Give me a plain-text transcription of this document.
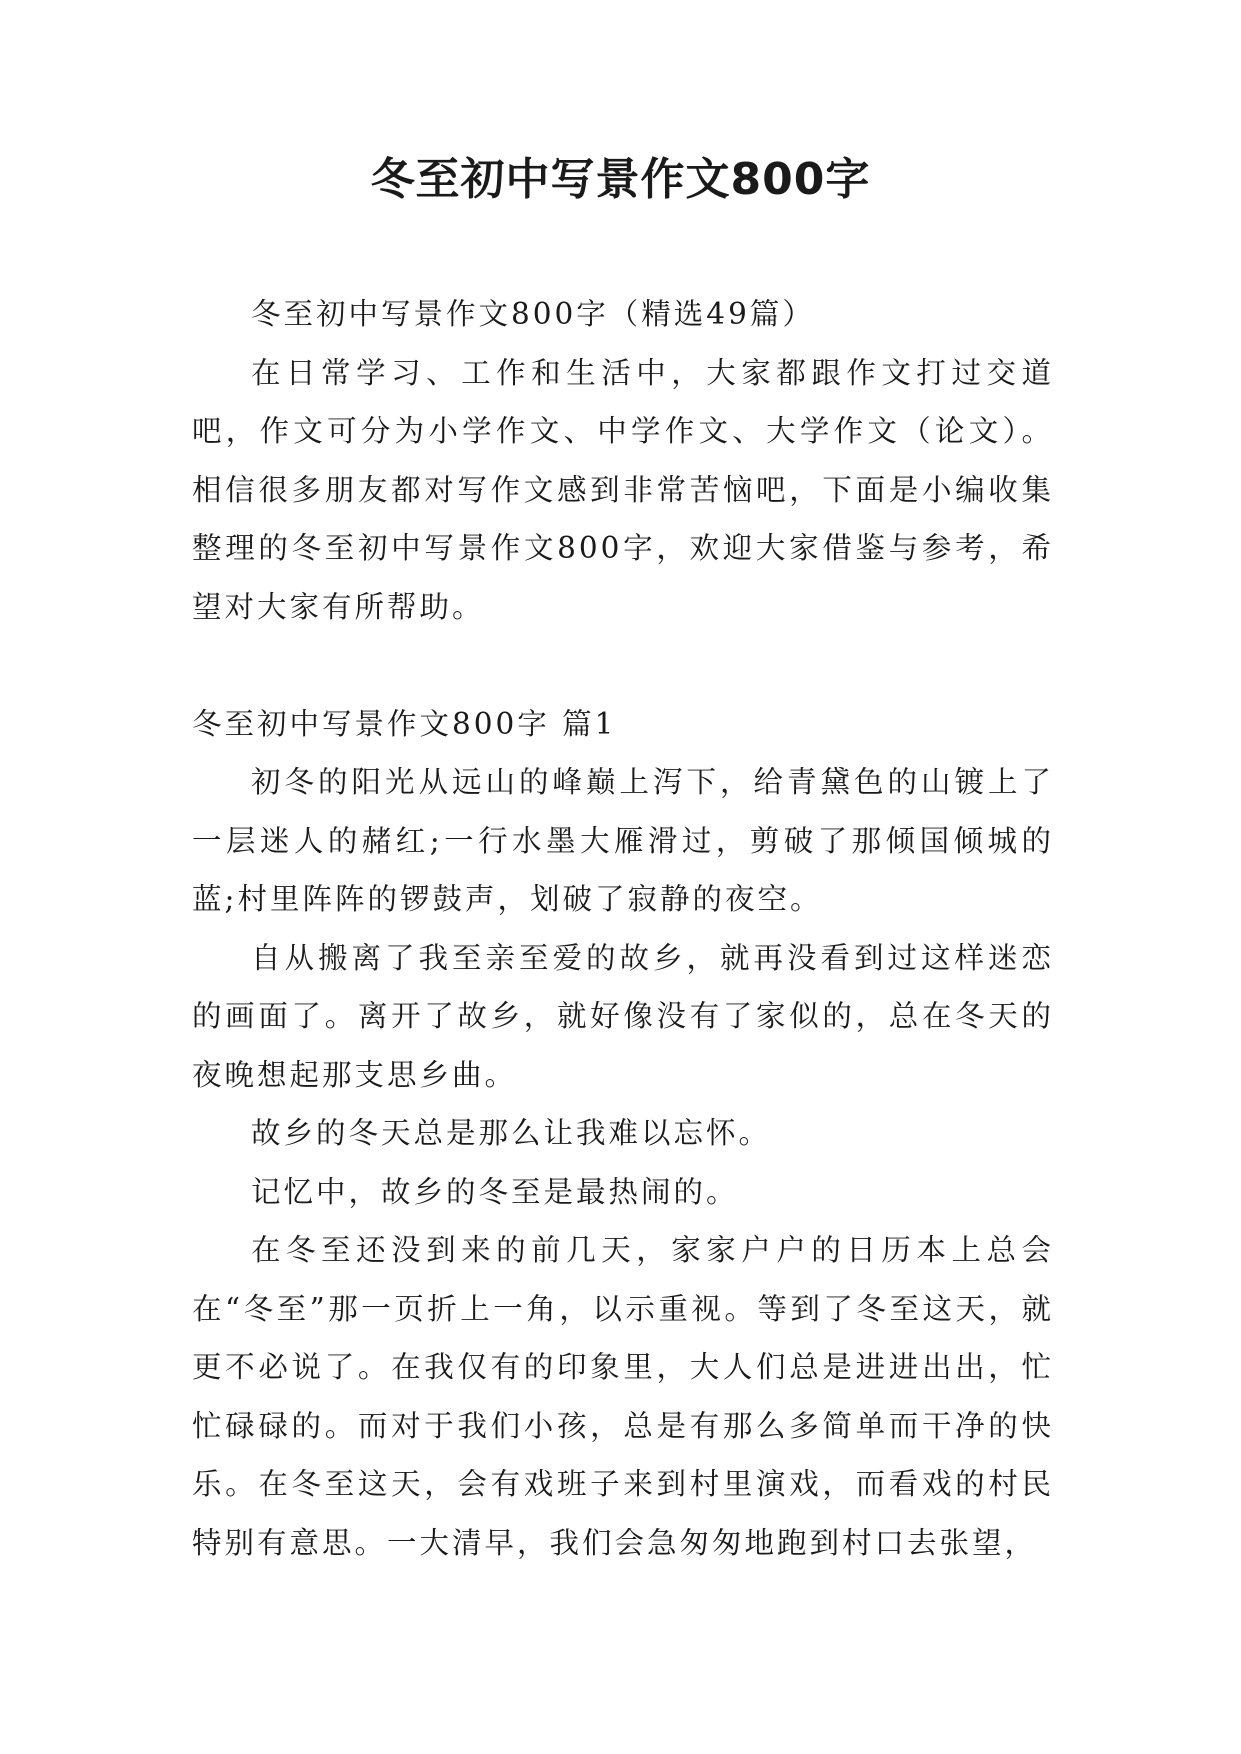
冬至初中写景作文800字

冬至初中写景作文800字（精选49篇）

在日常学习、工作和生活中，大家都跟作文打过交道吧，作文可分为小学作文、中学作文、大学作文（论文）。相信很多朋友都对写作文感到非常苦恼吧，下面是小编收集整理的冬至初中写景作文800字，欢迎大家借鉴与参考，希望对大家有所帮助。

冬至初中写景作文800字 篇1

初冬的阳光从远山的峰巅上泻下，给青黛色的山镀上了一层迷人的赭红;一行水墨大雁滑过，剪破了那倾国倾城的蓝;村里阵阵的锣鼓声，划破了寂静的夜空。

自从搬离了我至亲至爱的故乡，就再没看到过这样迷恋的画面了。离开了故乡，就好像没有了家似的，总在冬天的夜晚想起那支思乡曲。

故乡的冬天总是那么让我难以忘怀。

记忆中，故乡的冬至是最热闹的。

在冬至还没到来的前几天，家家户户的日历本上总会在“冬至”那一页折上一角，以示重视。等到了冬至这天，就更不必说了。在我仅有的印象里，大人们总是进进出出，忙忙碌碌的。而对于我们小孩，总是有那么多简单而干净的快乐。在冬至这天，会有戏班子来到村里演戏，而看戏的村民特别有意思。一大清早，我们会急匆匆地跑到村口去张望，
